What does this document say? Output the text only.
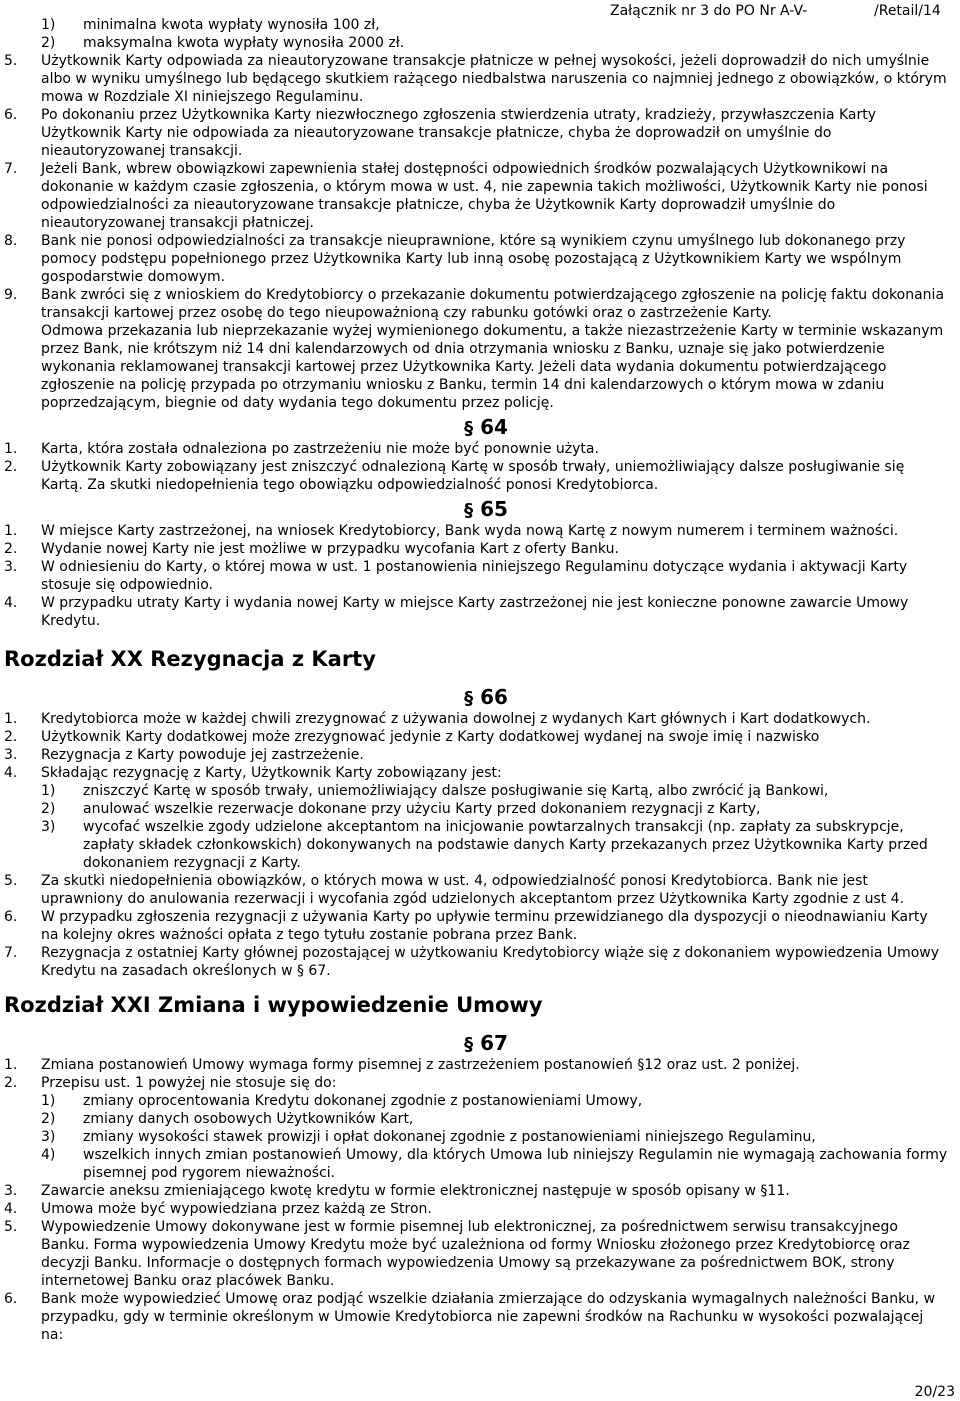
Załącznik nr 3 do PO Nr A-V-	/Retail/14
1) minimalna kwota wypłaty wynosiła 100 zł,
2) maksymalna kwota wypłaty wynosiła 2000 zł.
5. Użytkownik Karty odpowiada za nieautoryzowane transakcje płatnicze w pełnej wysokości, jeżeli doprowadził do nich umyślnie albo w wyniku umyślnego lub będącego skutkiem rażącego niedbalstwa naruszenia co najmniej jednego z obowiązków, o którym mowa w Rozdziale XI niniejszego Regulaminu.
6. Po dokonaniu przez Użytkownika Karty niezwłocznego zgłoszenia stwierdzenia utraty, kradzieży, przywłaszczenia Karty Użytkownik Karty nie odpowiada za nieautoryzowane transakcje płatnicze, chyba że doprowadził on umyślnie do nieautoryzowanej transakcji.
7. Jeżeli Bank, wbrew obowiązkowi zapewnienia stałej dostępności odpowiednich środków pozwalających Użytkownikowi na dokonanie w każdym czasie zgłoszenia, o którym mowa w ust. 4, nie zapewnia takich możliwości, Użytkownik Karty nie ponosi odpowiedzialności za nieautoryzowane transakcje płatnicze, chyba że Użytkownik Karty doprowadził umyślnie do nieautoryzowanej transakcji płatniczej.
8. Bank nie ponosi odpowiedzialności za transakcje nieuprawnione, które są wynikiem czynu umyślnego lub dokonanego przy pomocy podstępu popełnionego przez Użytkownika Karty lub inną osobę pozostającą z Użytkownikiem Karty we wspólnym gospodarstwie domowym.
9. Bank zwróci się z wnioskiem do Kredytobiorcy o przekazanie dokumentu potwierdzającego zgłoszenie na policję faktu dokonania transakcji kartowej przez osobę do tego nieupoważnioną czy rabunku gotówki oraz o zastrzeżenie Karty.

Odmowa przekazania lub nieprzekazanie wyżej wymienionego dokumentu, a także niezastrzeżenie Karty w terminie wskazanym przez Bank, nie krótszym niż 14 dni kalendarzowych od dnia otrzymania wniosku z Banku, uznaje się jako potwierdzenie wykonania reklamowanej transakcji kartowej przez Użytkownika Karty. Jeżeli data wydania dokumentu potwierdzającego zgłoszenie na policję przypada po otrzymaniu wniosku z Banku, termin 14 dni kalendarzowych o którym mowa w zdaniu poprzedzającym, biegnie od daty wydania tego dokumentu przez policję.

§ 64
1. Karta, która została odnaleziona po zastrzeżeniu nie może być ponownie użyta.
2. Użytkownik Karty zobowiązany jest zniszczyć odnalezioną Kartę w sposób trwały, uniemożliwiający dalsze posługiwanie się Kartą. Za skutki niedopełnienia tego obowiązku odpowiedzialność ponosi Kredytobiorca.
§ 65
1. W miejsce Karty zastrzeżonej, na wniosek Kredytobiorcy, Bank wyda nową Kartę z nowym numerem i terminem ważności.
2. Wydanie nowej Karty nie jest możliwe w przypadku wycofania Kart z oferty Banku.
3. W odniesieniu do Karty, o której mowa w ust. 1 postanowienia niniejszego Regulaminu dotyczące wydania i aktywacji Karty stosuje się odpowiednio.
4. W przypadku utraty Karty i wydania nowej Karty w miejsce Karty zastrzeżonej nie jest konieczne ponowne zawarcie Umowy Kredytu.
Rozdział XX Rezygnacja z Karty
§ 66
1. Kredytobiorca może w każdej chwili zrezygnować z używania dowolnej z wydanych Kart głównych i Kart dodatkowych.
2. Użytkownik Karty dodatkowej może zrezygnować jedynie z Karty dodatkowej wydanej na swoje imię i nazwisko
3. Rezygnacja z Karty powoduje jej zastrzeżenie.
4. Składając rezygnację z Karty, Użytkownik Karty zobowiązany jest:
1) zniszczyć Kartę w sposób trwały, uniemożliwiający dalsze posługiwanie się Kartą, albo zwrócić ją Bankowi,
2) anulować wszelkie rezerwacje dokonane przy użyciu Karty przed dokonaniem rezygnacji z Karty,
3) wycofać wszelkie zgody udzielone akceptantom na inicjowanie powtarzalnych transakcji (np. zapłaty za subskrypcje, zapłaty składek członkowskich) dokonywanych na podstawie danych Karty przekazanych przez Użytkownika Karty przed dokonaniem rezygnacji z Karty.
5. Za skutki niedopełnienia obowiązków, o których mowa w ust. 4, odpowiedzialność ponosi Kredytobiorca. Bank nie jest uprawniony do anulowania rezerwacji i wycofania zgód udzielonych akceptantom przez Użytkownika Karty zgodnie z ust 4.
6. W przypadku zgłoszenia rezygnacji z używania Karty po upływie terminu przewidzianego dla dyspozycji o nieodnawianiu Karty na kolejny okres ważności opłata z tego tytułu zostanie pobrana przez Bank.
7. Rezygnacja z ostatniej Karty głównej pozostającej w użytkowaniu Kredytobiorcy wiąże się z dokonaniem wypowiedzenia Umowy Kredytu na zasadach określonych w § 67.
Rozdział XXI Zmiana i wypowiedzenie Umowy
§ 67
1. Zmiana postanowień Umowy wymaga formy pisemnej z zastrzeżeniem postanowień §12 oraz ust. 2 poniżej.
2. Przepisu ust. 1 powyżej nie stosuje się do:
1) zmiany oprocentowania Kredytu dokonanej zgodnie z postanowieniami Umowy,
2) zmiany danych osobowych Użytkowników Kart,
3) zmiany wysokości stawek prowizji i opłat dokonanej zgodnie z postanowieniami niniejszego Regulaminu,
4) wszelkich innych zmian postanowień Umowy, dla których Umowa lub niniejszy Regulamin nie wymagają zachowania formy pisemnej pod rygorem nieważności.
3. Zawarcie aneksu zmieniającego kwotę kredytu w formie elektronicznej następuje w sposób opisany w §11.
4. Umowa może być wypowiedziana przez każdą ze Stron.
5. Wypowiedzenie Umowy dokonywane jest w formie pisemnej lub elektronicznej, za pośrednictwem serwisu transakcyjnego Banku. Forma wypowiedzenia Umowy Kredytu może być uzależniona od formy Wniosku złożonego przez Kredytobiorcę oraz decyzji Banku. Informacje o dostępnych formach wypowiedzenia Umowy są przekazywane za pośrednictwem BOK, strony internetowej Banku oraz placówek Banku.
6. Bank może wypowiedzieć Umowę oraz podjąć wszelkie działania zmierzające do odzyskania wymagalnych należności Banku, w przypadku, gdy w terminie określonym w Umowie Kredytobiorca nie zapewni środków na Rachunku w wysokości pozwalającej na:
20/23
